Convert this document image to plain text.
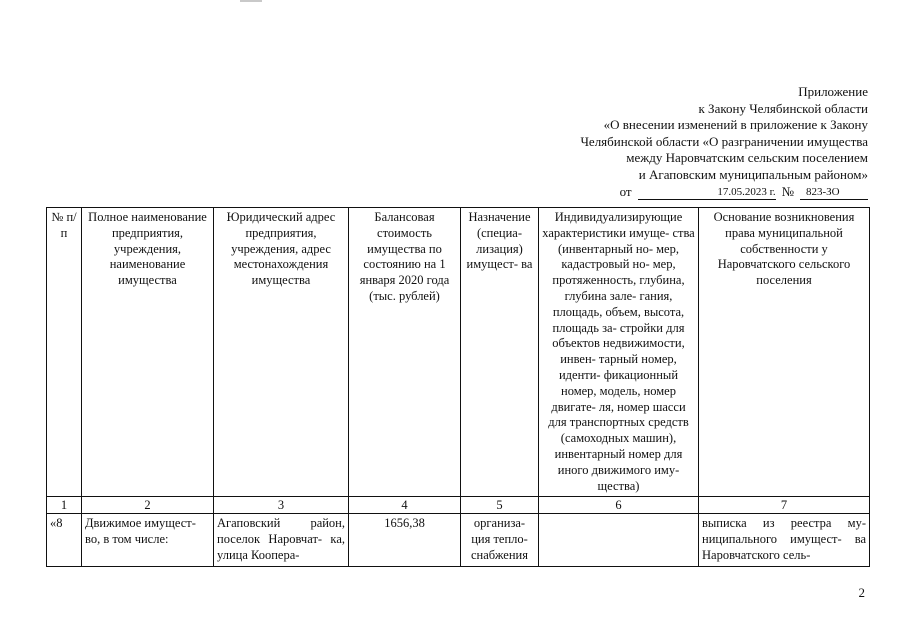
Приложение
к Закону Челябинской области
«О внесении изменений в приложение к Закону
Челябинской области «О разграничении имущества
между Наровчатским сельским поселением
и Агаповским муниципальным районом»
от	17.05.2023 г. №	823-ЗО
№ п/п	Полное наименование предприятия, учреждения, наименование имущества	Юридический адрес предприятия, учреждения, адрес местонахождения имущества	Балансовая стоимость имущества по состоянию на 1 января 2020 года (тыс. рублей)	Назначение (специа- лизация) имущест- ва	Индивидуализирующие характеристики имуще- ства (инвентарный но- мер, кадастровый но- мер, протяженность, глубина, глубина зале- гания, площадь, объем, высота, площадь за- стройки для объектов недвижимости, инвен- тарный номер, иденти- фикационный номер, модель, номер двигате- ля, номер шасси для транспортных средств (самоходных машин), инвентарный номер для иного движимого иму- щества)	Основание возникновения права муниципальной собственности у Наровчатского сельского поселения
1	2	3	4	5	6	7
«8	Движимое имущест- во, в том числе:	Агаповский район, поселок Наровчат- ка, улица Коопера-	1656,38	организа- ция тепло- снабжения		выписка из реестра му- ниципального имущест- ва Наровчатского сель-
2
